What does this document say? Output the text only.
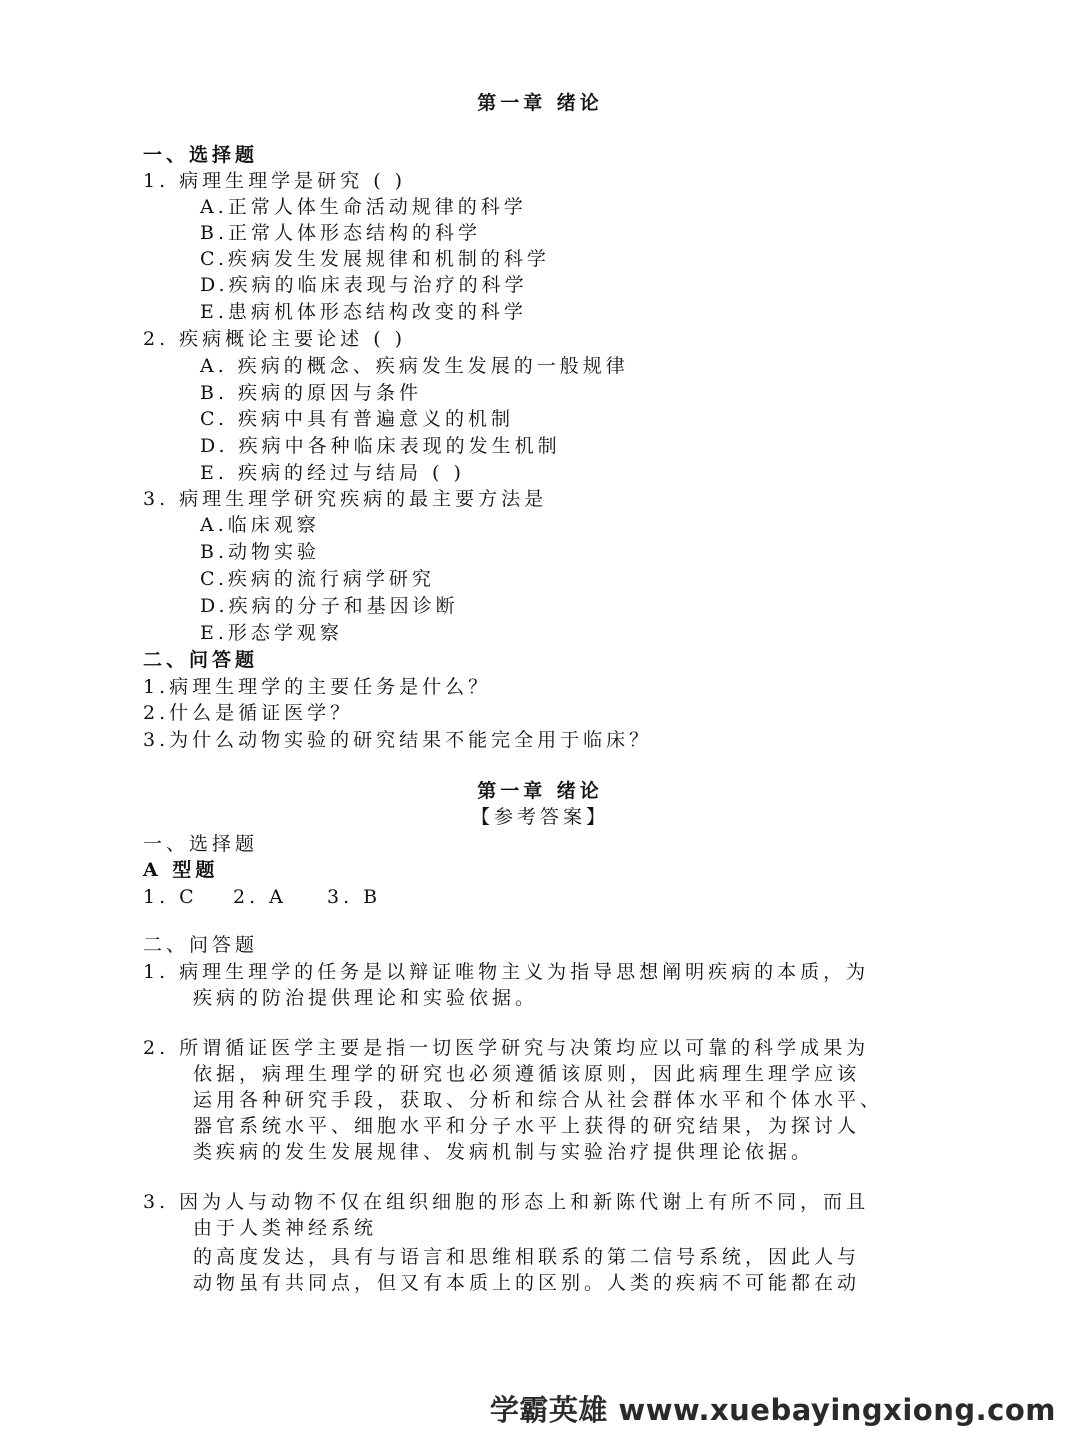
第一章 绪论
一、选择题
1. 病理生理学是研究 ( )
A.正常人体生命活动规律的科学
B.正常人体形态结构的科学
C.疾病发生发展规律和机制的科学
D.疾病的临床表现与治疗的科学
E.患病机体形态结构改变的科学
2. 疾病概论主要论述 ( )
A. 疾病的概念、疾病发生发展的一般规律
B. 疾病的原因与条件
C. 疾病中具有普遍意义的机制
D. 疾病中各种临床表现的发生机制
E. 疾病的经过与结局 ( )
3. 病理生理学研究疾病的最主要方法是
A.临床观察
B.动物实验
C.疾病的流行病学研究
D.疾病的分子和基因诊断
E.形态学观察
二、问答题
1.病理生理学的主要任务是什么？
2.什么是循证医学？
3.为什么动物实验的研究结果不能完全用于临床？
第一章 绪论
【参考答案】
一、选择题
A 型题
1. C 2. A 3. B
二、问答题
1. 病理生理学的任务是以辩证唯物主义为指导思想阐明疾病的本质，为
疾病的防治提供理论和实验依据。
2. 所谓循证医学主要是指一切医学研究与决策均应以可靠的科学成果为
依据，病理生理学的研究也必须遵循该原则，因此病理生理学应该
运用各种研究手段，获取、分析和综合从社会群体水平和个体水平、
器官系统水平、细胞水平和分子水平上获得的研究结果，为探讨人
类疾病的发生发展规律、发病机制与实验治疗提供理论依据。
3. 因为人与动物不仅在组织细胞的形态上和新陈代谢上有所不同，而且
由于人类神经系统
的高度发达，具有与语言和思维相联系的第二信号系统，因此人与
动物虽有共同点，但又有本质上的区别。人类的疾病不可能都在动
学霸英雄 www.xuebayingxiong.com
